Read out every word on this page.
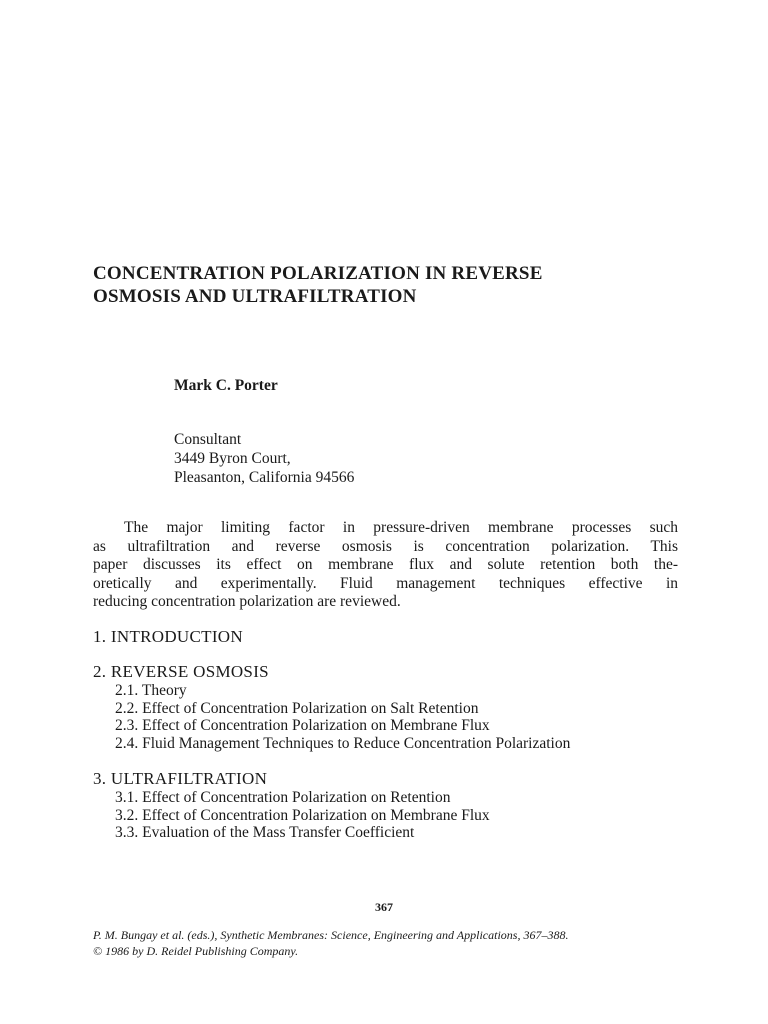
CONCENTRATION POLARIZATION IN REVERSE
OSMOSIS AND ULTRAFILTRATION
Mark C. Porter
Consultant
3449 Byron Court,
Pleasanton, California 94566
The major limiting factor in pressure-driven membrane processes such
as ultrafiltration and reverse osmosis is concentration polarization. This
paper discusses its effect on membrane flux and solute retention both the-
oretically and experimentally. Fluid management techniques effective in
reducing concentration polarization are reviewed.
1. INTRODUCTION
2. REVERSE OSMOSIS
2.1. Theory
2.2. Effect of Concentration Polarization on Salt Retention
2.3. Effect of Concentration Polarization on Membrane Flux
2.4. Fluid Management Techniques to Reduce Concentration Polarization
3. ULTRAFILTRATION
3.1. Effect of Concentration Polarization on Retention
3.2. Effect of Concentration Polarization on Membrane Flux
3.3. Evaluation of the Mass Transfer Coefficient
367
P. M. Bungay et al. (eds.), Synthetic Membranes: Science, Engineering and Applications, 367–388.
© 1986 by D. Reidel Publishing Company.
